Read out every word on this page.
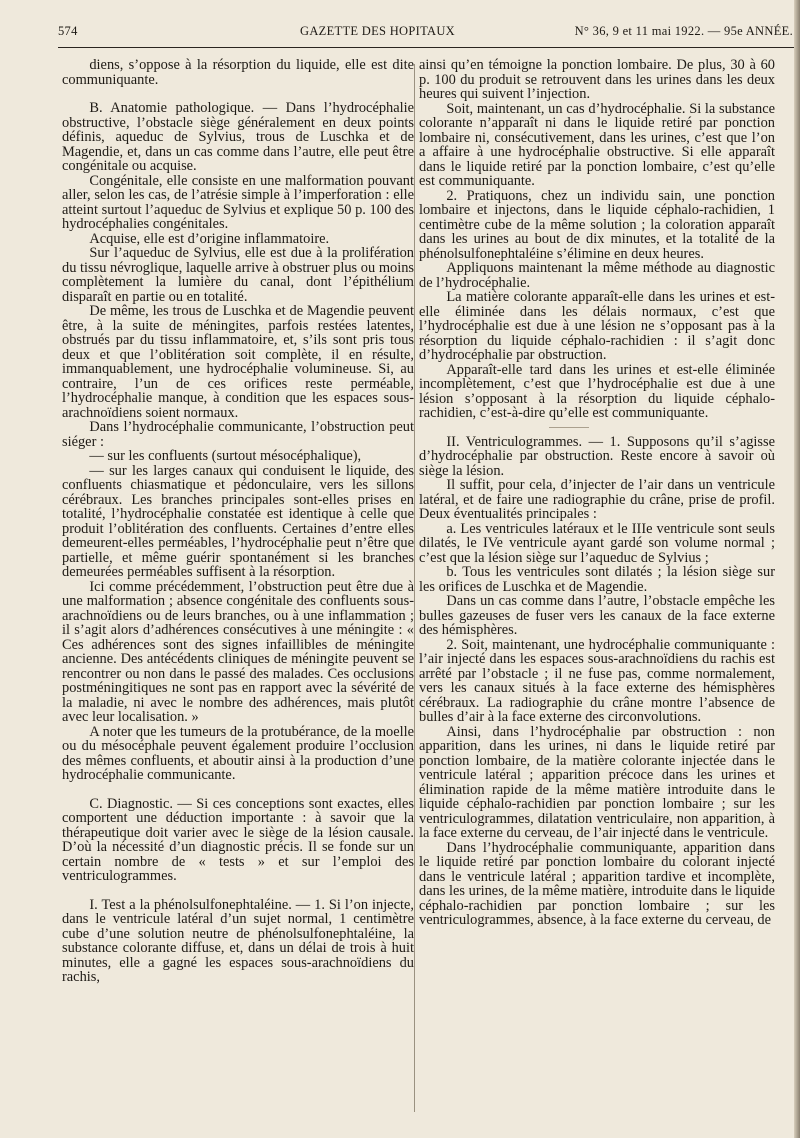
574	GAZETTE DES HOPITAUX	N° 36, 9 et 11 mai 1922. — 95e ANNÉE.

diens, s’oppose à la résorption du liquide, elle est dite communiquante.

B. Anatomie pathologique. — Dans l’hydrocéphalie obstructive, l’obstacle siège généralement en deux points définis, aqueduc de Sylvius, trous de Luschka et de Magendie, et, dans un cas comme dans l’autre, elle peut être congénitale ou acquise.

Congénitale, elle consiste en une malformation pouvant aller, selon les cas, de l’atrésie simple à l’imperforation : elle atteint surtout l’aqueduc de Sylvius et explique 50 p. 100 des hydrocéphalies congénitales.

Acquise, elle est d’origine inflammatoire.

Sur l’aqueduc de Sylvius, elle est due à la prolifération du tissu névroglique, laquelle arrive à obstruer plus ou moins complètement la lumière du canal, dont l’épithélium disparaît en partie ou en totalité.

De même, les trous de Luschka et de Magendie peuvent être, à la suite de méningites, parfois restées latentes, obstrués par du tissu inflammatoire, et, s’ils sont pris tous deux et que l’oblitération soit complète, il en résulte, immanquablement, une hydrocéphalie volumineuse. Si, au contraire, l’un de ces orifices reste perméable, l’hydrocéphalie manque, à condition que les espaces sous-arachnoïdiens soient normaux.

Dans l’hydrocéphalie communicante, l’obstruction peut siéger :

— sur les confluents (surtout mésocéphalique),

— sur les larges canaux qui conduisent le liquide, des confluents chiasmatique et pédonculaire, vers les sillons cérébraux. Les branches principales sont-elles prises en totalité, l’hydrocéphalie constatée est identique à celle que produit l’oblitération des confluents. Certaines d’entre elles demeurent-elles perméables, l’hydrocéphalie peut n’être que partielle, et même guérir spontanément si les branches demeurées perméables suffisent à la résorption.

Ici comme précédemment, l’obstruction peut être due à une malformation ; absence congénitale des confluents sous-arachnoïdiens ou de leurs branches, ou à une inflammation ; il s’agit alors d’adhérences consécutives à une méningite : « Ces adhérences sont des signes infaillibles de méningite ancienne. Des antécédents cliniques de méningite peuvent se rencontrer ou non dans le passé des malades. Ces occlusions postméningitiques ne sont pas en rapport avec la sévérité de la maladie, ni avec le nombre des adhérences, mais plutôt avec leur localisation. »

A noter que les tumeurs de la protubérance, de la moelle ou du mésocéphale peuvent également produire l’occlusion des mêmes confluents, et aboutir ainsi à la production d’une hydrocéphalie communicante.

C. Diagnostic. — Si ces conceptions sont exactes, elles comportent une déduction importante : à savoir que la thérapeutique doit varier avec le siège de la lésion causale. D’où la nécessité d’un diagnostic précis. Il se fonde sur un certain nombre de « tests » et sur l’emploi des ventriculogrammes.

I. Test a la phénolsulfonephtaléine. — 1. Si l’on injecte, dans le ventricule latéral d’un sujet normal, 1 centimètre cube d’une solution neutre de phénolsulfonephtaléine, la substance colorante diffuse, et, dans un délai de trois à huit minutes, elle a gagné les espaces sous-arachnoïdiens du rachis,

ainsi qu’en témoigne la ponction lombaire. De plus, 30 à 60 p. 100 du produit se retrouvent dans les urines dans les deux heures qui suivent l’injection.

Soit, maintenant, un cas d’hydrocéphalie. Si la substance colorante n’apparaît ni dans le liquide retiré par ponction lombaire ni, consécutivement, dans les urines, c’est que l’on a affaire à une hydrocéphalie obstructive. Si elle apparaît dans le liquide retiré par la ponction lombaire, c’est qu’elle est communiquante.

2. Pratiquons, chez un individu sain, une ponction lombaire et injectons, dans le liquide céphalo-rachidien, 1 centimètre cube de la même solution ; la coloration apparaît dans les urines au bout de dix minutes, et la totalité de la phénolsulfonephtaléine s’élimine en deux heures.

Appliquons maintenant la même méthode au diagnostic de l’hydrocéphalie.

La matière colorante apparaît-elle dans les urines et est-elle éliminée dans les délais normaux, c’est que l’hydrocéphalie est due à une lésion ne s’opposant pas à la résorption du liquide céphalo-rachidien : il s’agit donc d’hydrocéphalie par obstruction.

Apparaît-elle tard dans les urines et est-elle éliminée incomplètement, c’est que l’hydrocéphalie est due à une lésion s’opposant à la résorption du liquide céphalo-rachidien, c’est-à-dire qu’elle est communiquante.

II. Ventriculogrammes. — 1. Supposons qu’il s’agisse d’hydrocéphalie par obstruction. Reste encore à savoir où siège la lésion.

Il suffit, pour cela, d’injecter de l’air dans un ventricule latéral, et de faire une radiographie du crâne, prise de profil. Deux éventualités principales :

a. Les ventricules latéraux et le IIIe ventricule sont seuls dilatés, le IVe ventricule ayant gardé son volume normal ; c’est que la lésion siège sur l’aqueduc de Sylvius ;

b. Tous les ventricules sont dilatés ; la lésion siège sur les orifices de Luschka et de Magendie.

Dans un cas comme dans l’autre, l’obstacle empêche les bulles gazeuses de fuser vers les canaux de la face externe des hémisphères.

2. Soit, maintenant, une hydrocéphalie communiquante : l’air injecté dans les espaces sous-arachnoïdiens du rachis est arrêté par l’obstacle ; il ne fuse pas, comme normalement, vers les canaux situés à la face externe des hémisphères cérébraux. La radiographie du crâne montre l’absence de bulles d’air à la face externe des circonvolutions.

Ainsi, dans l’hydrocéphalie par obstruction : non apparition, dans les urines, ni dans le liquide retiré par ponction lombaire, de la matière colorante injectée dans le ventricule latéral ; apparition précoce dans les urines et élimination rapide de la même matière introduite dans le liquide céphalo-rachidien par ponction lombaire ; sur les ventriculogrammes, dilatation ventriculaire, non apparition, à la face externe du cerveau, de l’air injecté dans le ventricule.

Dans l’hydrocéphalie communiquante, apparition dans le liquide retiré par ponction lombaire du colorant injecté dans le ventricule latéral ; apparition tardive et incomplète, dans les urines, de la même matière, introduite dans le liquide céphalo-rachidien par ponction lombaire ; sur les ventriculogrammes, absence, à la face externe du cerveau, de
